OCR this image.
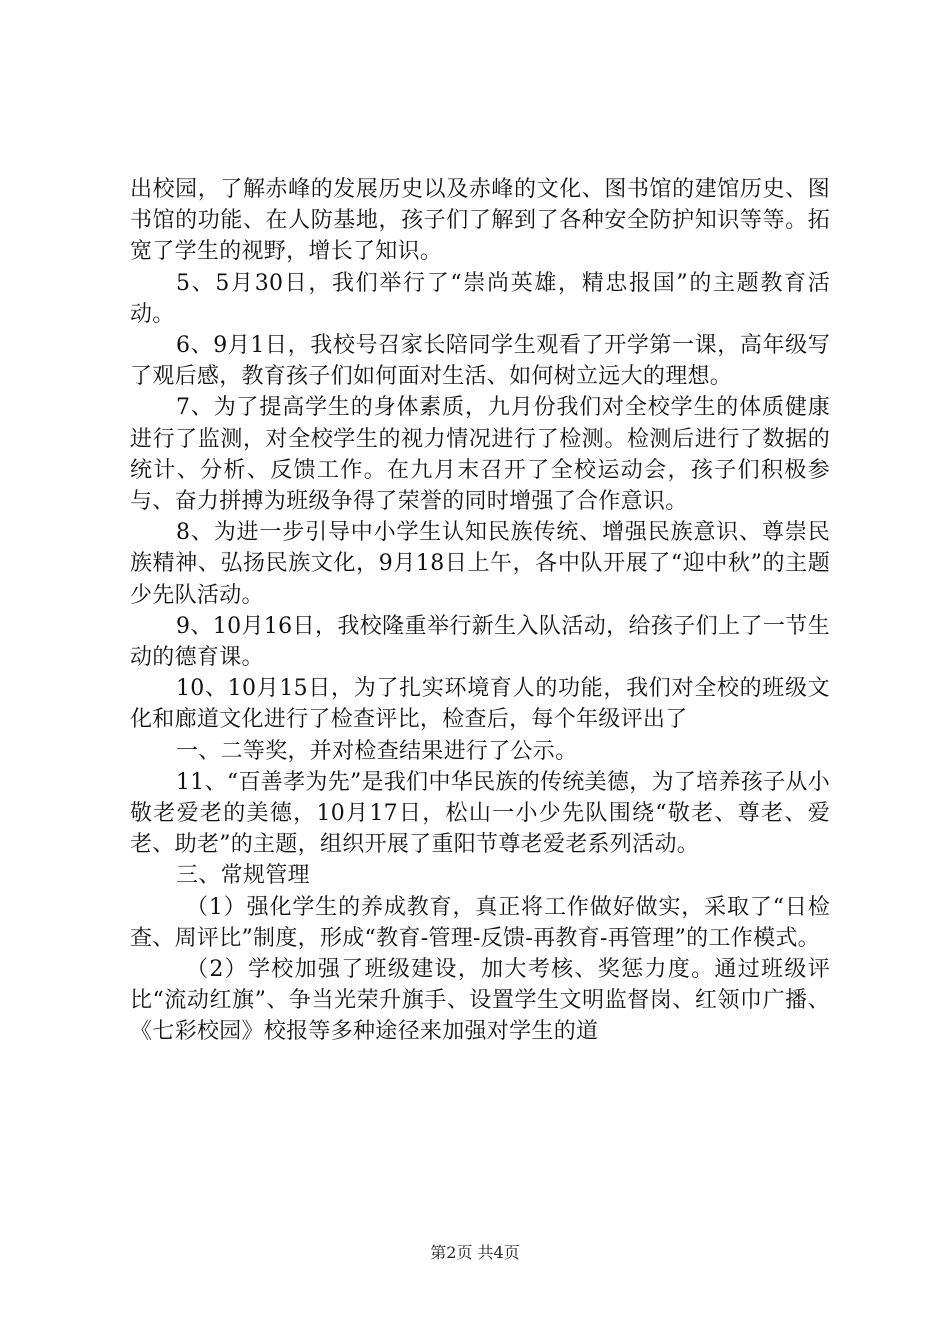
出校园，了解赤峰的发展历史以及赤峰的文化、图书馆的建馆历史、图书馆的功能、在人防基地，孩子们了解到了各种安全防护知识等等。拓宽了学生的视野，增长了知识。

5、5月30日，我们举行了“崇尚英雄，精忠报国”的主题教育活动。

6、9月1日，我校号召家长陪同学生观看了开学第一课，高年级写了观后感，教育孩子们如何面对生活、如何树立远大的理想。

7、为了提高学生的身体素质，九月份我们对全校学生的体质健康进行了监测，对全校学生的视力情况进行了检测。检测后进行了数据的统计、分析、反馈工作。在九月末召开了全校运动会，孩子们积极参与、奋力拼搏为班级争得了荣誉的同时增强了合作意识。

8、为进一步引导中小学生认知民族传统、增强民族意识、尊崇民族精神、弘扬民族文化，9月18日上午，各中队开展了“迎中秋”的主题少先队活动。

9、10月16日，我校隆重举行新生入队活动，给孩子们上了一节生动的德育课。

10、10月15日，为了扎实环境育人的功能，我们对全校的班级文化和廊道文化进行了检查评比，检查后，每个年级评出了

一、二等奖，并对检查结果进行了公示。

11、“百善孝为先”是我们中华民族的传统美德，为了培养孩子从小敬老爱老的美德，10月17日，松山一小少先队围绕“敬老、尊老、爱老、助老”的主题，组织开展了重阳节尊老爱老系列活动。

三、常规管理

（1）强化学生的养成教育，真正将工作做好做实，采取了“日检查、周评比”制度，形成“教育-管理-反馈-再教育-再管理”的工作模式。

（2）学校加强了班级建设，加大考核、奖惩力度。通过班级评比“流动红旗”、争当光荣升旗手、设置学生文明监督岗、红领巾广播、《七彩校园》校报等多种途径来加强对学生的道

第2页 共4页
